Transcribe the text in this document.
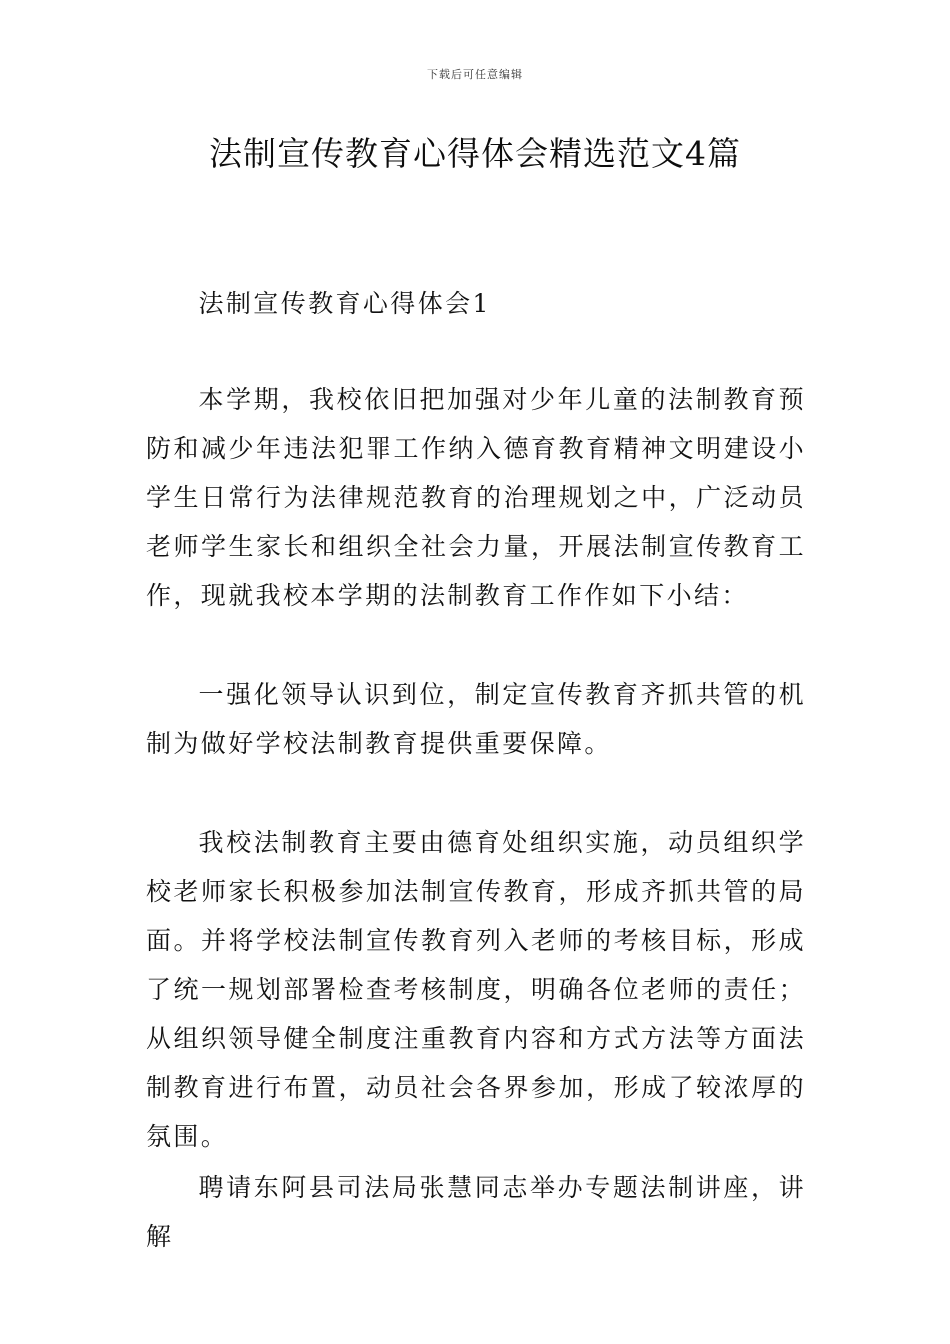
下载后可任意编辑
法制宣传教育心得体会精选范文4篇

法制宣传教育心得体会1

本学期，我校依旧把加强对少年儿童的法制教育预防和减少年违法犯罪工作纳入德育教育精神文明建设小学生日常行为法律规范教育的治理规划之中，广泛动员老师学生家长和组织全社会力量，开展法制宣传教育工作，现就我校本学期的法制教育工作作如下小结：

一强化领导认识到位，制定宣传教育齐抓共管的机制为做好学校法制教育提供重要保障。

我校法制教育主要由德育处组织实施，动员组织学校老师家长积极参加法制宣传教育，形成齐抓共管的局面。并将学校法制宣传教育列入老师的考核目标，形成了统一规划部署检查考核制度，明确各位老师的责任；从组织领导健全制度注重教育内容和方式方法等方面法制教育进行布置，动员社会各界参加，形成了较浓厚的氛围。

聘请东阿县司法局张慧同志举办专题法制讲座，讲解
